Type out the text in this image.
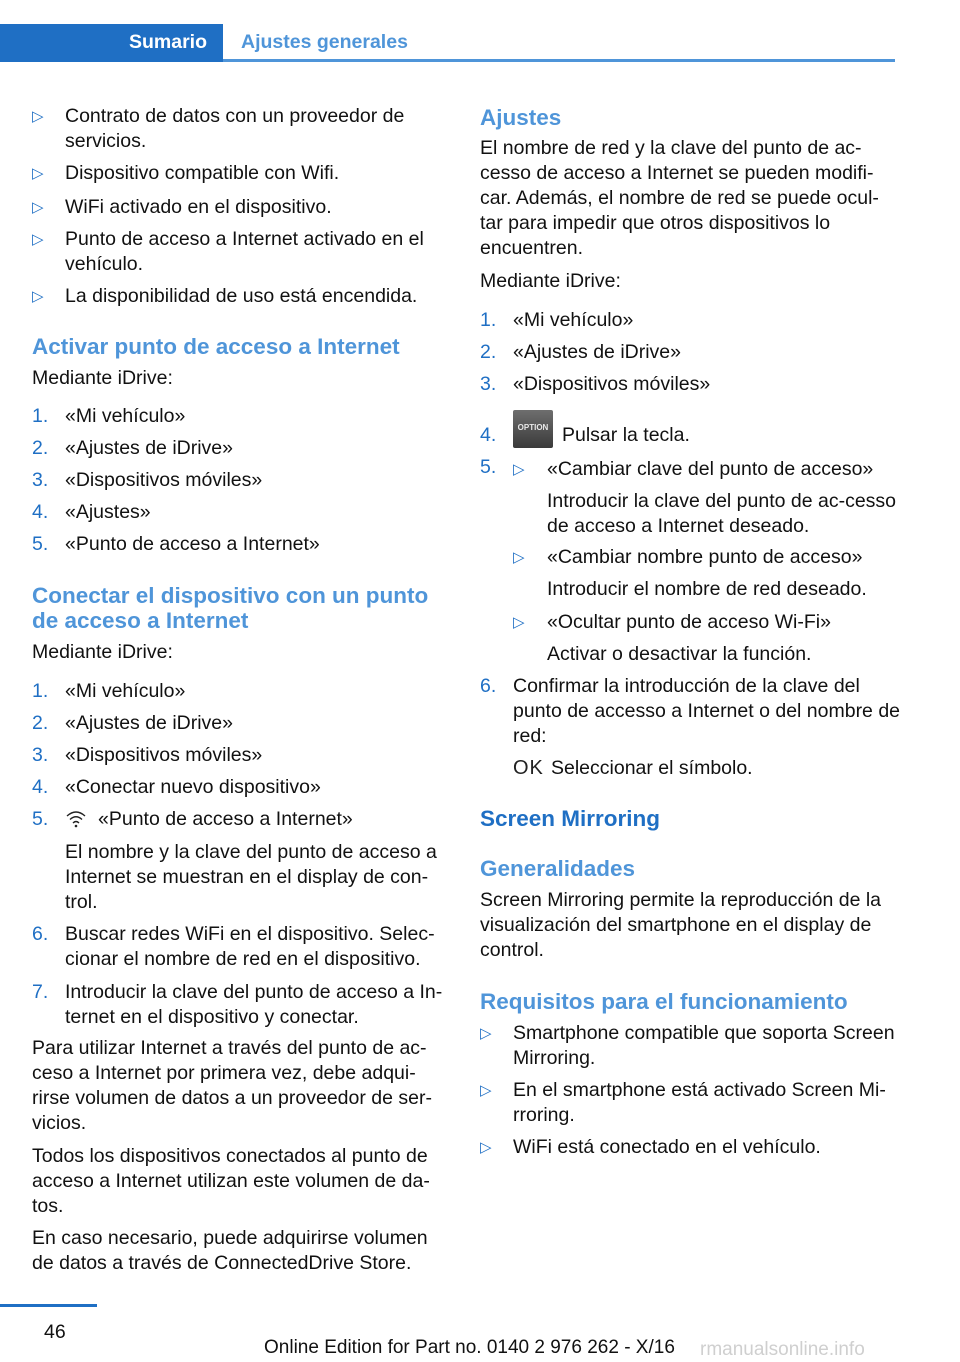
Sumario Ajustes generales
▷ Contrato de datos con un proveedor de servicios.
▷ Dispositivo compatible con Wifi.
▷ WiFi activado en el dispositivo.
▷ Punto de acceso a Internet activado en el vehículo.
▷ La disponibilidad de uso está encendida.
Activar punto de acceso a Internet
Mediante iDrive:
1. «Mi vehículo»
2. «Ajustes de iDrive»
3. «Dispositivos móviles»
4. «Ajustes»
5. «Punto de acceso a Internet»
Conectar el dispositivo con un punto
de acceso a Internet
Mediante iDrive:
1. «Mi vehículo»
2. «Ajustes de iDrive»
3. «Dispositivos móviles»
4. «Conectar nuevo dispositivo»
5.	«Punto de acceso a Internet»
El nombre y la clave del punto de acceso a Internet se muestran en el display de con-trol.
6. Buscar redes WiFi en el dispositivo. Selec-cionar el nombre de red en el dispositivo.
7. Introducir la clave del punto de acceso a In-ternet en el dispositivo y conectar.
Para utilizar Internet a través del punto de ac-ceso a Internet por primera vez, debe adqui-rirse volumen de datos a un proveedor de ser-vicios.
Todos los dispositivos conectados al punto de acceso a Internet utilizan este volumen de da-tos.
En caso necesario, puede adquirirse volumen de datos a través de ConnectedDrive Store.
Ajustes
El nombre de red y la clave del punto de ac-cesso de acceso a Internet se pueden modifi-car. Además, el nombre de red se puede ocul-tar para impedir que otros dispositivos lo encuentren.
Mediante iDrive:
1. «Mi vehículo»
2. «Ajustes de iDrive»
3. «Dispositivos móviles»
4.	OPTION Pulsar la tecla.
5. ▷ «Cambiar clave del punto de acceso»
Introducir la clave del punto de ac-cesso de acceso a Internet deseado.
▷ «Cambiar nombre punto de acceso»
Introducir el nombre de red deseado.
▷ «Ocultar punto de acceso Wi-Fi»
Activar o desactivar la función.
6. Confirmar la introducción de la clave del punto de accesso a Internet o del nombre de red:
OK Seleccionar el símbolo.
Screen Mirroring
Generalidades
Screen Mirroring permite la reproducción de la visualización del smartphone en el display de control.
Requisitos para el funcionamiento
▷ Smartphone compatible que soporta Screen Mirroring.
▷ En el smartphone está activado Screen Mi-rroring.
▷ WiFi está conectado en el vehículo.
46
Online Edition for Part no. 0140 2 976 262 - X/16 rmanualsonline.info
